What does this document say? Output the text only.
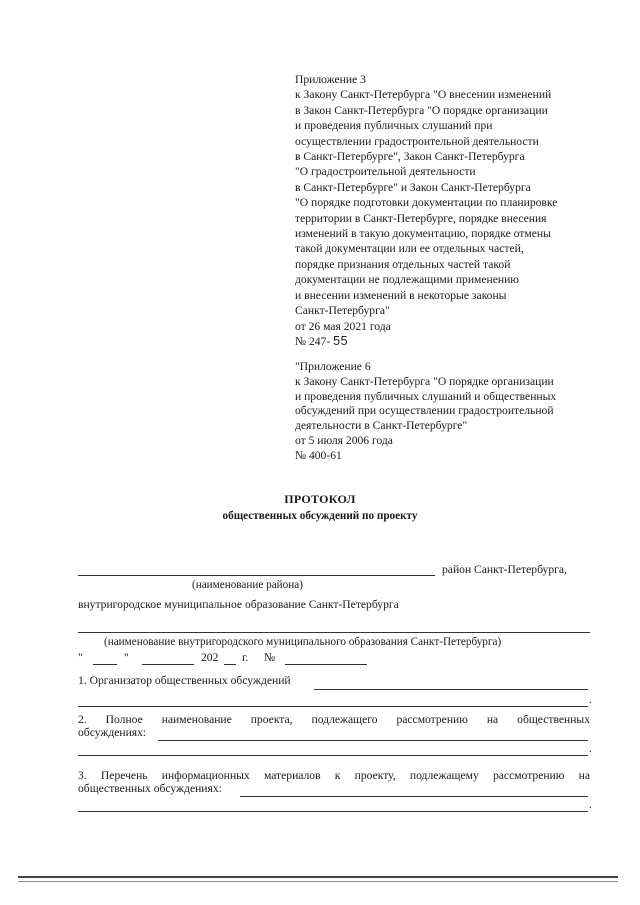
Приложение 3
к Закону Санкт-Петербурга "О внесении изменений
в Закон Санкт-Петербурга "О порядке организации
и проведения публичных слушаний при
осуществлении градостроительной деятельности
в Санкт-Петербурге", Закон Санкт-Петербурга
"О градостроительной деятельности
в Санкт-Петербурге" и Закон Санкт-Петербурга
"О порядке подготовки документации по планировке
территории в Санкт-Петербурге, порядке внесения
изменений в такую документацию, порядке отмены
такой документации или ее отдельных частей,
порядке признания отдельных частей такой
документации не подлежащими применению
и внесении изменений в некоторые законы
Санкт-Петербурга"
от 26 мая 2021 года
№ 247- 55
"Приложение 6
к Закону Санкт-Петербурга "О порядке организации
и проведения публичных слушаний и общественных
обсуждений при осуществлении градостроительной
деятельности в Санкт-Петербурге"
от 5 июля 2006 года
№ 400-61
ПРОТОКОЛ
общественных обсуждений по проекту
район Санкт-Петербурга,
(наименование района)
внутригородское муниципальное образование Санкт-Петербурга
(наименование внутригородского муниципального образования Санкт-Петербурга)
"	"	202 г. №
1. Организатор общественных обсуждений
.
2. Полное наименование проекта, подлежащего рассмотрению на общественных
обсуждениях:
.
3. Перечень информационных материалов к проекту, подлежащему рассмотрению на
общественных обсуждениях:
.
